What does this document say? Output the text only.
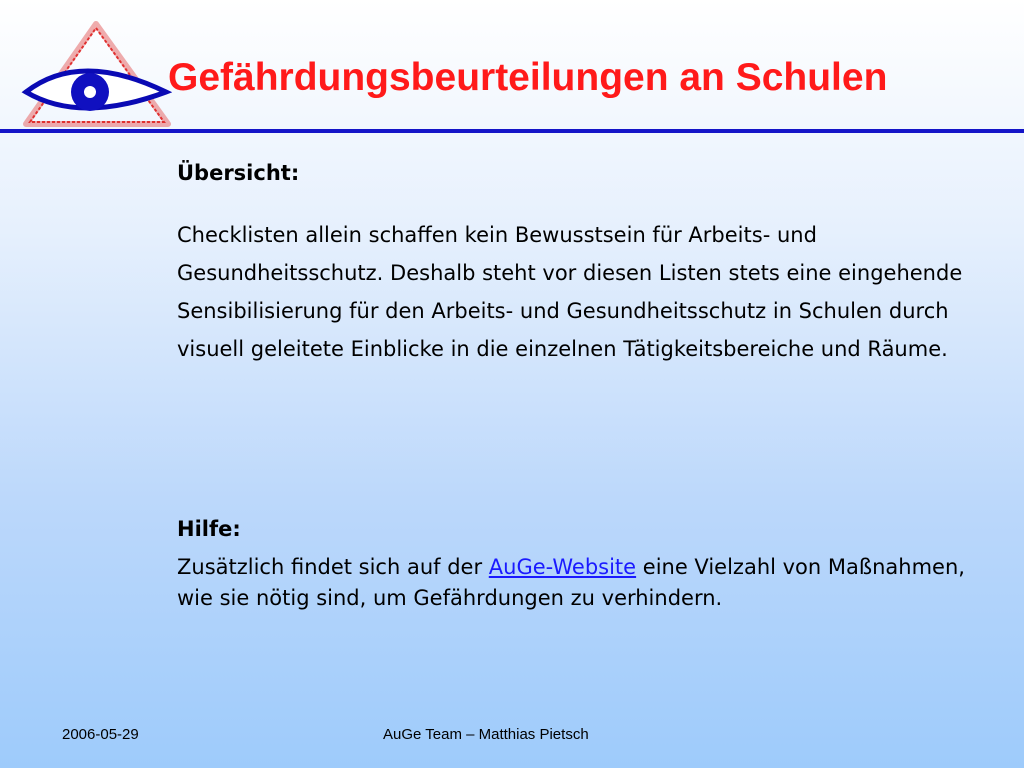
Gefährdungsbeurteilungen an Schulen

Übersicht:

Checklisten allein schaffen kein Bewusstsein für Arbeits- und Gesundheitsschutz. Deshalb steht vor diesen Listen stets eine eingehende Sensibilisierung für den Arbeits- und Gesundheitsschutz in Schulen durch visuell geleitete Einblicke in die einzelnen Tätigkeitsbereiche und Räume.

Hilfe:

Zusätzlich findet sich auf der AuGe-Website eine Vielzahl von Maßnahmen, wie sie nötig sind, um Gefährdungen zu verhindern.

2006-05-29	AuGe Team – Matthias Pietsch
